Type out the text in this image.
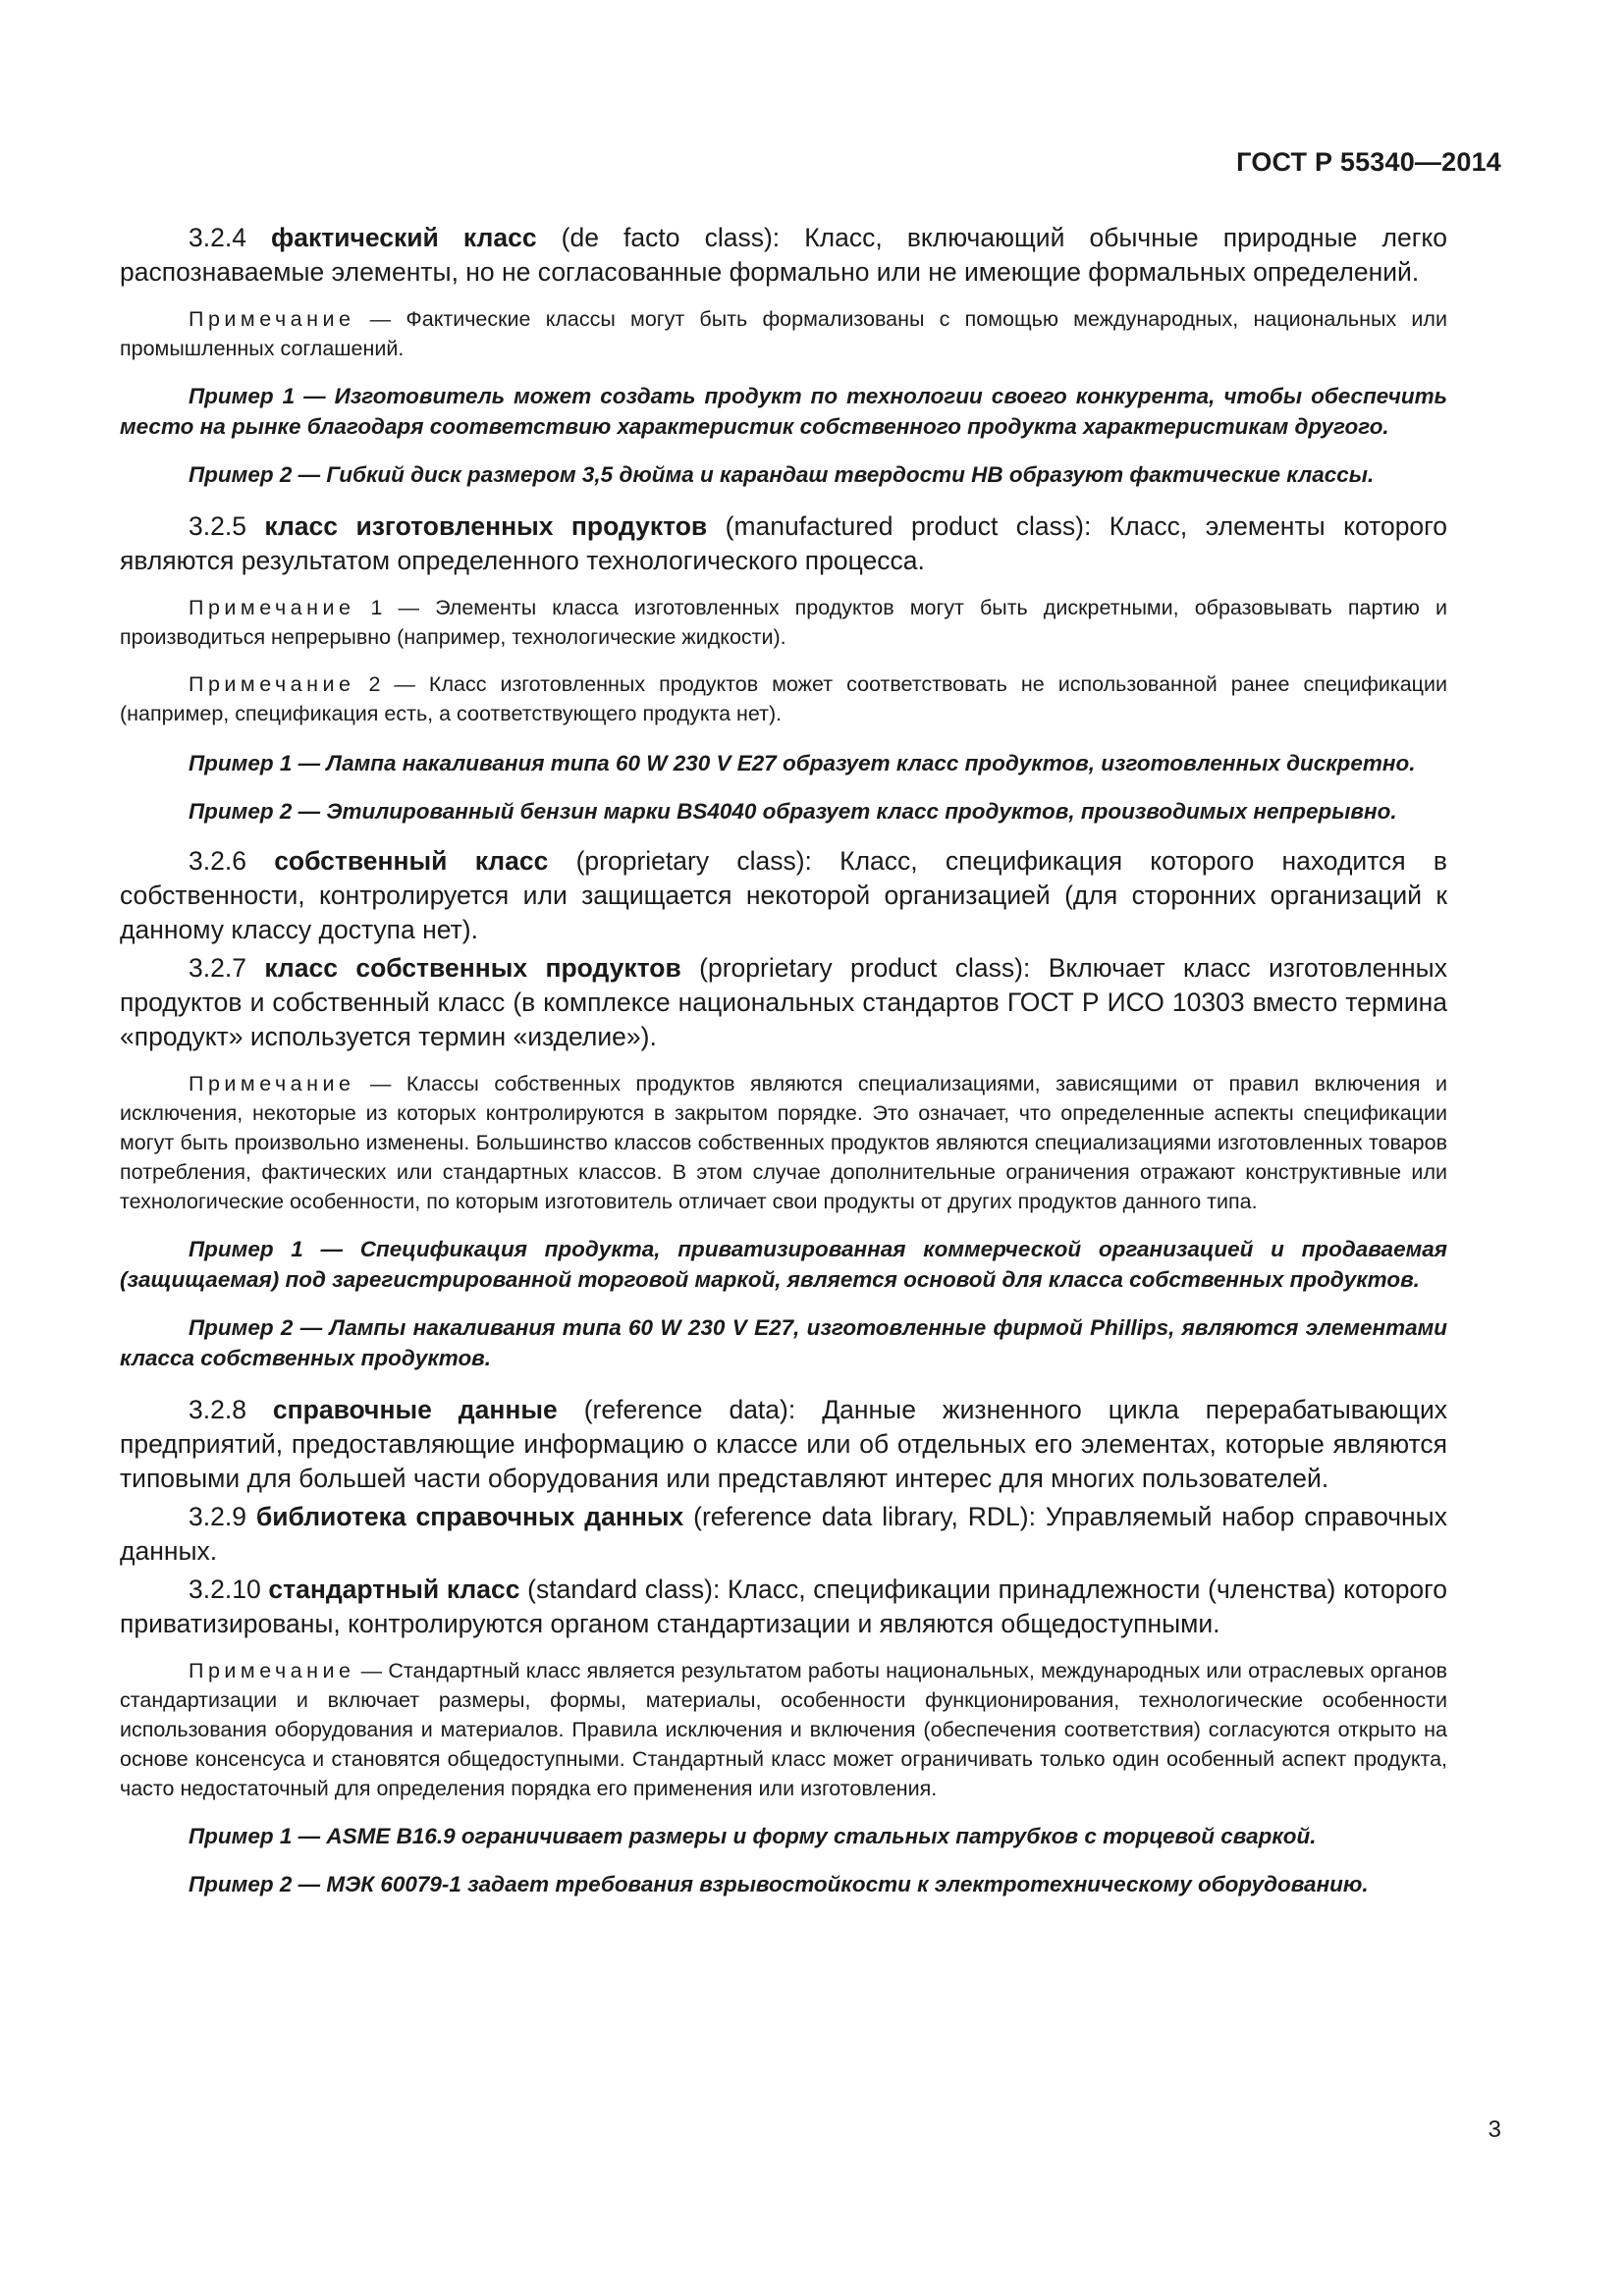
ГОСТ Р 55340—2014

3.2.4 фактический класс (de facto class): Класс, включающий обычные природные легко распознаваемые элементы, но не согласованные формально или не имеющие формальных определений.

Примечание — Фактические классы могут быть формализованы с помощью международных, национальных или промышленных соглашений.

Пример 1 — Изготовитель может создать продукт по технологии своего конкурента, чтобы обеспечить место на рынке благодаря соответствию характеристик собственного продукта характеристикам другого.

Пример 2 — Гибкий диск размером 3,5 дюйма и карандаш твердости HB образуют фактические классы.

3.2.5 класс изготовленных продуктов (manufactured product class): Класс, элементы которого являются результатом определенного технологического процесса.

Примечание 1 — Элементы класса изготовленных продуктов могут быть дискретными, образовывать партию и производиться непрерывно (например, технологические жидкости).

Примечание 2 — Класс изготовленных продуктов может соответствовать не использованной ранее спецификации (например, спецификация есть, а соответствующего продукта нет).

Пример 1 — Лампа накаливания типа 60 W 230 V E27 образует класс продуктов, изготовленных дискретно.

Пример 2 — Этилированный бензин марки BS4040 образует класс продуктов, производимых непрерывно.

3.2.6 собственный класс (proprietary class): Класс, спецификация которого находится в собственности, контролируется или защищается некоторой организацией (для сторонних организаций к данному классу доступа нет).

3.2.7 класс собственных продуктов (proprietary product class): Включает класс изготовленных продуктов и собственный класс (в комплексе национальных стандартов ГОСТ Р ИСО 10303 вместо термина «продукт» используется термин «изделие»).

Примечание — Классы собственных продуктов являются специализациями, зависящими от правил включения и исключения, некоторые из которых контролируются в закрытом порядке. Это означает, что определенные аспекты спецификации могут быть произвольно изменены. Большинство классов собственных продуктов являются специализациями изготовленных товаров потребления, фактических или стандартных классов. В этом случае дополнительные ограничения отражают конструктивные или технологические особенности, по которым изготовитель отличает свои продукты от других продуктов данного типа.

Пример 1 — Спецификация продукта, приватизированная коммерческой организацией и продаваемая (защищаемая) под зарегистрированной торговой маркой, является основой для класса собственных продуктов.

Пример 2 — Лампы накаливания типа 60 W 230 V E27, изготовленные фирмой Phillips, являются элементами класса собственных продуктов.

3.2.8 справочные данные (reference data): Данные жизненного цикла перерабатывающих предприятий, предоставляющие информацию о классе или об отдельных его элементах, которые являются типовыми для большей части оборудования или представляют интерес для многих пользователей.

3.2.9 библиотека справочных данных (reference data library, RDL): Управляемый набор справочных данных.

3.2.10 стандартный класс (standard class): Класс, спецификации принадлежности (членства) которого приватизированы, контролируются органом стандартизации и являются общедоступными.

Примечание — Стандартный класс является результатом работы национальных, международных или отраслевых органов стандартизации и включает размеры, формы, материалы, особенности функционирования, технологические особенности использования оборудования и материалов. Правила исключения и включения (обеспечения соответствия) согласуются открыто на основе консенсуса и становятся общедоступными. Стандартный класс может ограничивать только один особенный аспект продукта, часто недостаточный для определения порядка его применения или изготовления.

Пример 1 — ASME B16.9 ограничивает размеры и форму стальных патрубков с торцевой сваркой.

Пример 2 — МЭК 60079-1 задает требования взрывостойкости к электротехническому оборудованию.

3
